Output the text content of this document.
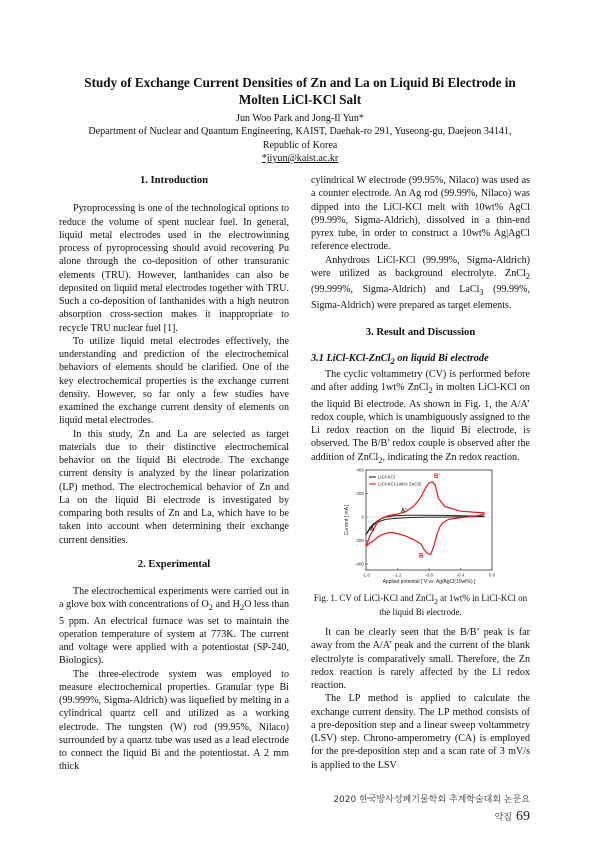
Study of Exchange Current Densities of Zn and La on Liquid Bi Electrode in
Molten LiCl-KCl Salt
Jun Woo Park and Jong-Il Yun*
Department of Nuclear and Quantum Engineering, KAIST, Daehak-ro 291, Yuseong-gu, Daejeon 34141,
Republic of Korea
*jiyun@kaist.ac.kr
1. Introduction

Pyroprocessing is one of the technological options to reduce the volume of spent nuclear fuel. In general, liquid metal electrodes used in the electrowinning process of pyroprocessing should avoid recovering Pu alone through the co-deposition of other transuranic elements (TRU). However, lanthanides can also be deposited on liquid metal electrodes together with TRU. Such a co-deposition of lanthanides with a high neutron absorption cross-section makes it inappropriate to recycle TRU nuclear fuel [1].

To utilize liquid metal electrodes effectively, the understanding and prediction of the electrochemical behaviors of elements should be clarified. One of the key electrochemical properties is the exchange current density. However, so far only a few studies have examined the exchange current density of elements on liquid metal electrodes.

In this study, Zn and La are selected as target materials due to their distinctive electrochemical behavior on the liquid Bi electrode. The exchange current density is analyzed by the linear polarization (LP) method. The electrochemical behavior of Zn and La on the liquid Bi electrode is investigated by comparing both results of Zn and La, which have to be taken into account when determining their exchange current densities.

2. Experimental

The electrochemical experiments were carried out in a glove box with concentrations of $O_2$ and $H_2O$ less than 5 ppm. An electrical furnace was set to maintain the operation temperature of system at 773K. The current and voltage were applied with a potentiostat (SP-240, Biologics).

The three-electrode system was employed to measure electrochemical properties. Granular type Bi (99.999%, Sigma-Aldrich) was liquefied by melting in a cylindrical quartz cell and utilized as a working electrode. The tungsten (W) rod (99.95%, Nilaco) surrounded by a quartz tube was used as a lead electrode to connect the liquid Bi and the potentiostat. A 2 mm thick

cylindrical W electrode (99.95%, Nilaco) was used as a counter electrode. An Ag rod (99.99%, Nilaco) was dipped into the LiCl-KCl melt with 10wt% AgCl (99.99%, Sigma-Aldrich), dissolved in a thin-end pyrex tube, in order to construct a 10wt% Ag|AgCl reference electrode.

Anhydrous LiCl-KCl (99.99%, Sigma-Aldrich) were utilized as background electrolyte. ZnCl$_2$ (99.999%, Sigma-Aldrich) and LaCl$_3$ (99.99%, Sigma-Aldrich) were prepared as target elements.

3. Result and Discussion
3.1 LiCl-KCl-ZnCl$_2$ on liquid Bi electrode

The cyclic voltammetry (CV) is performed before and after adding 1wt% ZnCl$_2$ in molten LiCl-KCl on the liquid Bi electrode. As shown in Fig. 1, the A/A’ redox couple, which is unambiguously assigned to the Li redox reaction on the liquid Bi electrode, is observed. The B/B’ redox couple is observed after the addition of ZnCl$_2$, indicating the Zn redox reaction.

-1.6	-1.2	-0.8	-0.4	0.0
400
200
0
-200
-400
Applied potential [ V vs. Ag/AgCl(10wt%) ]
Current [ mA ]
LiCl-KCl
LiCl-KCl-1wt% ZnCl2
A'
A
B'
B
Fig. 1. CV of LiCl-KCl and ZnCl$_2$ at 1wt% in LiCl-KCl on the liquid Bi electrode.

It can be clearly seen that the B/B’ peak is far away from the A/A’ peak and the current of the blank electrolyte is comparatively small. Therefore, the Zn redox reaction is rarely affected by the Li redox reaction.

The LP method is applied to calculate the exchange current density. The LP method consists of a pre-deposition step and a linear sweep voltammetry (LSV) step. Chrono-amperometry (CA) is employed for the pre-deposition step and a scan rate of 3 mV/s is applied to the LSV

2020 한국방사성폐기물학회 추계학술대회 논문요약집 69
